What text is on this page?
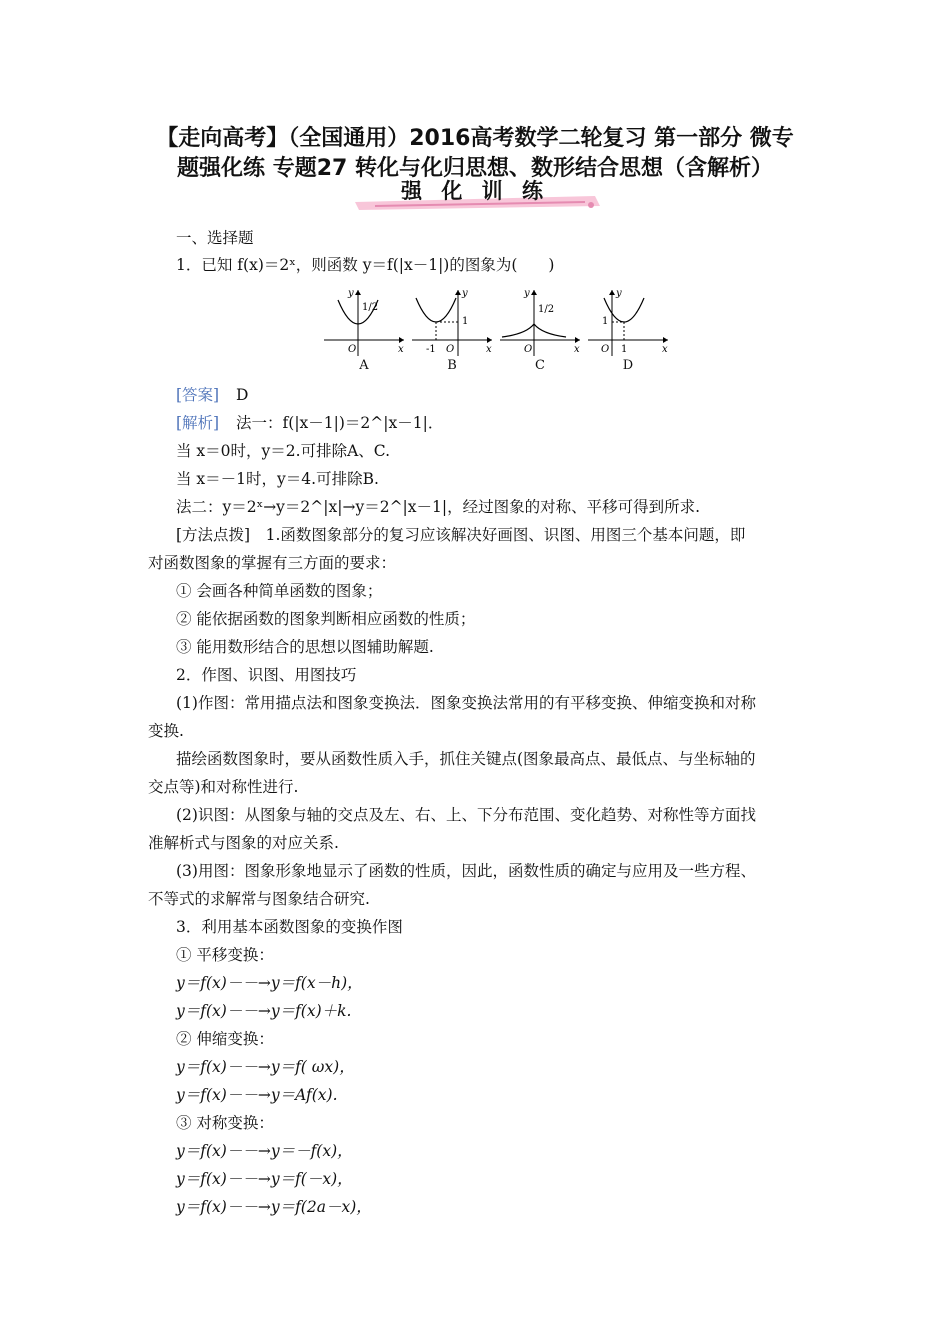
【走向高考】（全国通用）2016高考数学二轮复习 第一部分 微专
题强化练 专题27 转化与化归思想、数形结合思想（含解析）
强 化 训 练
一、选择题
1．已知 f(x)＝2ˣ，则函数 y＝f(|x－1|)的图象为(　　)
1/2
O	x
y
A
1
-1 O	x
y
B
1/2
O	x
y
C
1
O 1	x
y
D
[答案] D
[解析] 法一：f(|x－1|)＝2^|x－1|．
当 x＝0时，y＝2.可排除A、C.
当 x＝－1时，y＝4.可排除B.
法二：y＝2ˣ→y＝2^|x|→y＝2^|x－1|，经过图象的对称、平移可得到所求.
[方法点拨]　1.函数图象部分的复习应该解决好画图、识图、用图三个基本问题，即
对函数图象的掌握有三方面的要求：
① 会画各种简单函数的图象；
② 能依据函数的图象判断相应函数的性质；
③ 能用数形结合的思想以图辅助解题.
2．作图、识图、用图技巧
(1)作图：常用描点法和图象变换法．图象变换法常用的有平移变换、伸缩变换和对称
变换.
描绘函数图象时，要从函数性质入手，抓住关键点(图象最高点、最低点、与坐标轴的
交点等)和对称性进行.
(2)识图：从图象与轴的交点及左、右、上、下分布范围、变化趋势、对称性等方面找
准解析式与图象的对应关系.
(3)用图：图象形象地显示了函数的性质，因此，函数性质的确定与应用及一些方程、
不等式的求解常与图象结合研究.
3．利用基本函数图象的变换作图
① 平移变换：
y＝f(x)－－→y＝f(x－h)，
y＝f(x)－－→y＝f(x)＋k.
② 伸缩变换：
y＝f(x)－－→y＝f( ωx)，
y＝f(x)－－→y＝Af(x).
③ 对称变换：
y＝f(x)－－→y＝－f(x)，
y＝f(x)－－→y＝f(－x)，
y＝f(x)－－→y＝f(2a－x)，
